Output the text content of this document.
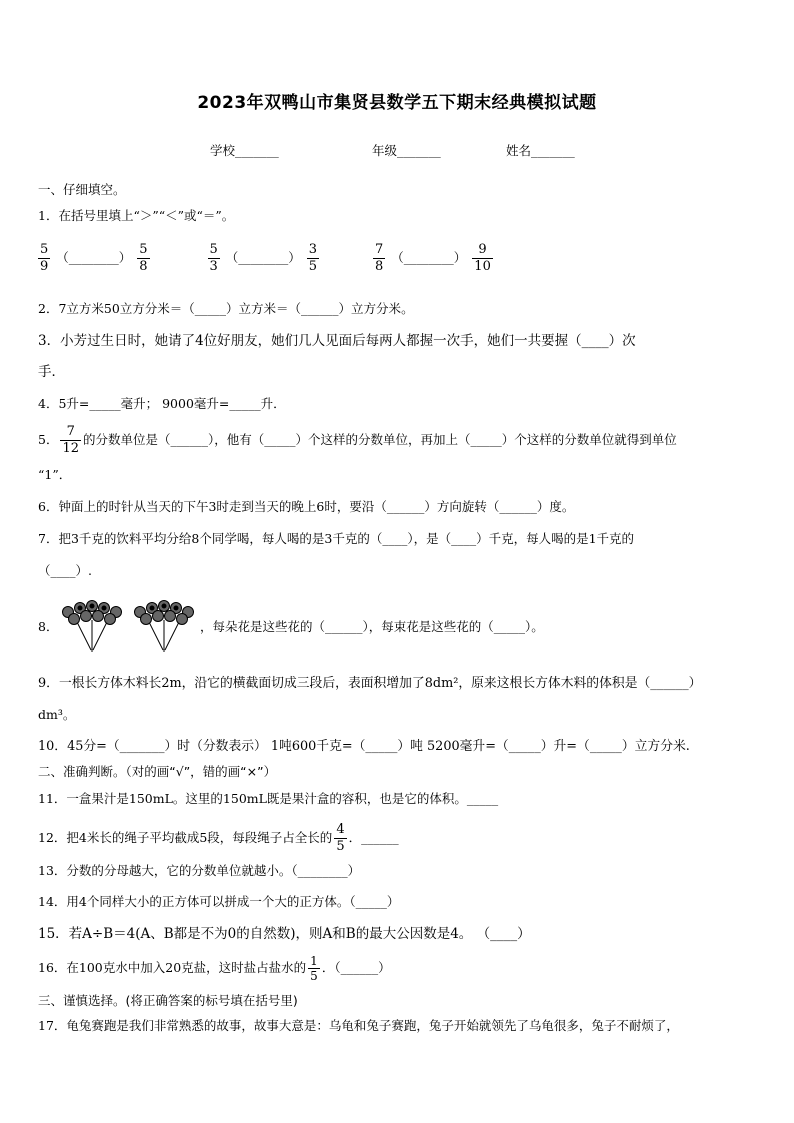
2023年双鸭山市集贤县数学五下期末经典模拟试题
学校_______	年级_______	姓名_______
一、仔细填空。
1．在括号里填上“＞”“＜”或“＝”。
$\frac{5}{9}$ （________） $\frac{5}{8}$
	$\frac{5}{3}$ （________） $\frac{3}{5}$
	$\frac{7}{8}$ （________） $\frac{9}{10}$
2．7立方米50立方分米＝（_____）立方米＝（______）立方分米。
3．小芳过生日时，她请了4位好朋友，她们几人见面后每两人都握一次手，她们一共要握（____）次
手．
4．5升=_____毫升； 9000毫升=_____升．
5． $\frac{7}{12}$ 的分数单位是（______），他有（_____）个这样的分数单位，再加上（_____）个这样的分数单位就得到单位
“1”．
6．钟面上的时针从当天的下午3时走到当天的晚上6时，要沿（______）方向旋转（______）度。
7．把3千克的饮料平均分给8个同学喝，每人喝的是3千克的（____），是（____）千克，每人喝的是1千克的
（____）.
8．	，每朵花是这些花的（______），每束花是这些花的（_____）。
9．一根长方体木料长2m，沿它的横截面切成三段后，表面积增加了8dm²，原来这根长方体木料的体积是（______）
dm³。
10．45分=（_______）时（分数表示） 1吨600千克=（_____）吨 5200毫升=（_____）升=（_____）立方分米.
二、准确判断。（对的画“√”，错的画“×”）
11．一盒果汁是150mL。这里的150mL既是果汁盒的容积，也是它的体积。_____
12．把4米长的绳子平均截成5段，每段绳子占全长的 $\frac{4}{5}$ ．______
13．分数的分母越大，它的分数单位就越小。（________）
14．用4个同样大小的正方体可以拼成一个大的正方体。（_____）
15．若A÷B＝4(A、B都是不为0的自然数)，则A和B的最大公因数是4。 （____）
16．在100克水中加入20克盐，这时盐占盐水的 $\frac{1}{5}$ ．（______）
三、谨慎选择。(将正确答案的标号填在括号里)
17．龟兔赛跑是我们非常熟悉的故事，故事大意是：乌龟和兔子赛跑，兔子开始就领先了乌龟很多，兔子不耐烦了，
